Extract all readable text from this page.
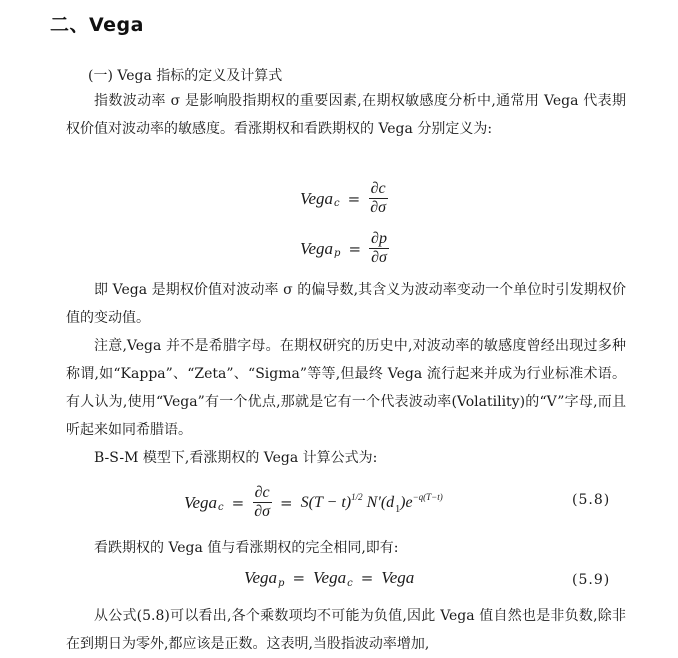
二、Vega
(一) Vega 指标的定义及计算式
指数波动率 σ 是影响股指期权的重要因素,在期权敏感度分析中,通常用 Vega 代表期权价值对波动率的敏感度。看涨期权和看跌期权的 Vega 分别定义为:
Vega $c = \frac{\partial c}{\partial\sigma}$
Vega $p = \frac{\partial p}{\partial\sigma}$
即 Vega 是期权价值对波动率 σ 的偏导数,其含义为波动率变动一个单位时引发期权价值的变动值。
注意,Vega 并不是希腊字母。在期权研究的历史中,对波动率的敏感度曾经出现过多种称谓,如“Kappa”、“Zeta”、“Sigma”等等,但最终 Vega 流行起来并成为行业标准术语。有人认为,使用“Vega”有一个优点,那就是它有一个代表波动率(Volatility)的“V”字母,而且听起来如同希腊语。
B-S-M 模型下,看涨期权的 Vega 计算公式为:
Vega $c = \frac{\partial c}{\partial\sigma} = S(T - t)^{1/2}$ $N'(d_1)e^{-q(T-t)}$	(5.8)
看跌期权的 Vega 值与看涨期权的完全相同,即有:
Vega p = Vega c = Vega	(5.9)
从公式(5.8)可以看出,各个乘数项均不可能为负值,因此 Vega 值自然也是非负数,除非在到期日为零外,都应该是正数。这表明,当股指波动率增加,
